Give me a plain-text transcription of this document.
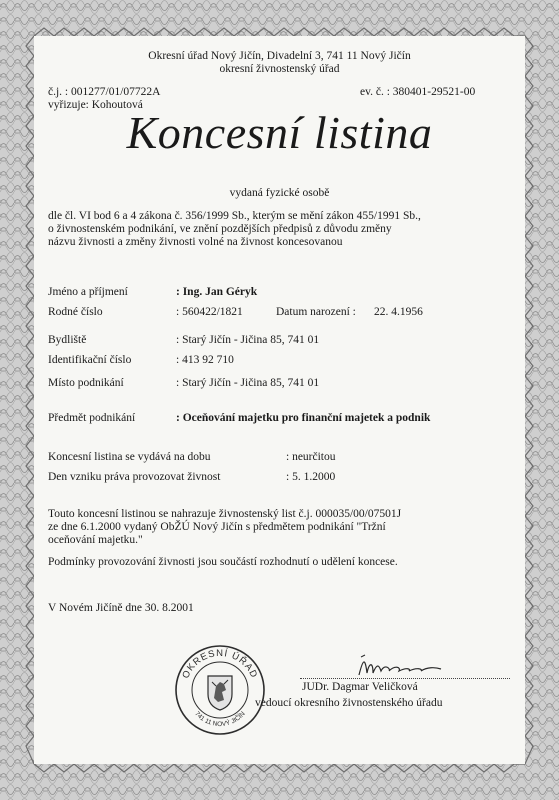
Okresní úřad Nový Jičín, Divadelní 3, 741 11 Nový Jičín
okresní živnostenský úřad
č.j. : 001277/01/07722A
vyřizuje: Kohoutová
ev. č. : 380401-29521-00
Koncesní listina
vydaná fyzické osobě
dle čl. VI bod 6 a 4 zákona č. 356/1999 Sb., kterým se mění zákon 455/1991 Sb.,
o živnostenském podnikání, ve znění pozdějších předpisů z důvodu změny
názvu živnosti a změny živnosti volné na živnost koncesovanou
Jméno a příjmení	: Ing. Jan Géryk
Rodné číslo	: 560422/1821	Datum narození : 22. 4.1956
Bydliště	: Starý Jičín - Jičina 85, 741 01
Identifikační číslo	: 413 92 710
Místo podnikání	: Starý Jičín - Jičina 85, 741 01
Předmět podnikání	: Oceňování majetku pro finanční majetek a podnik
Koncesní listina se vydává na dobu	: neurčitou
Den vzniku práva provozovat živnost	: 5. 1.2000
Touto koncesní listinou se nahrazuje živnostenský list č.j. 000035/00/07501J
ze dne 6.1.2000 vydaný ObŽÚ Nový Jičín s předmětem podnikání "Tržní
oceňování majetku."
Podmínky provozování živnosti jsou součástí rozhodnutí o udělení koncese.
V Novém Jičíně dne 30. 8.2001
OKRESNÍ ÚŘAD
741 11 NOVÝ JIČÍN
JUDr. Dagmar Veličková
vedoucí okresního živnostenského úřadu
